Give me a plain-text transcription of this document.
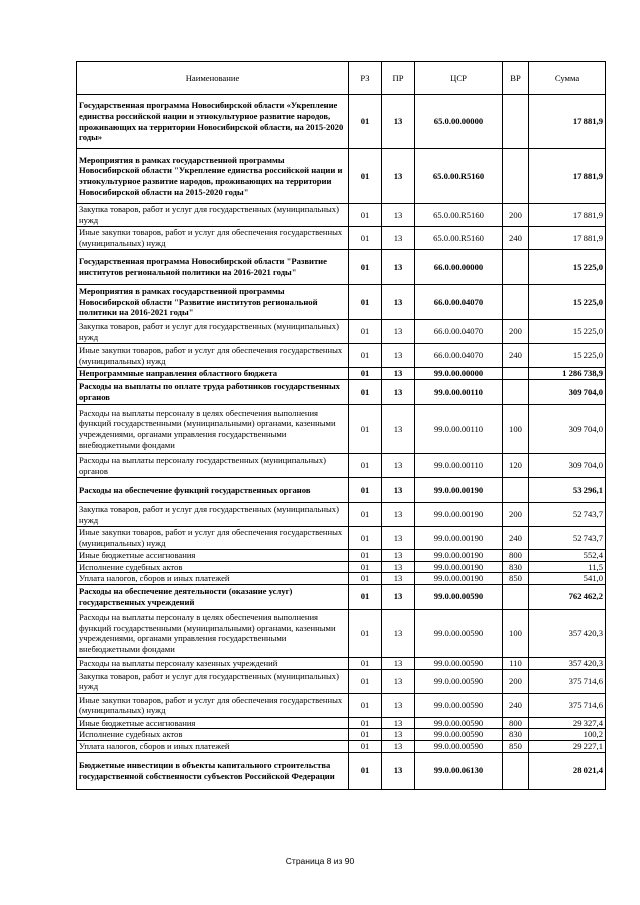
Наименование	РЗ	ПР	ЦСР	ВР	Сумма
Государственная программа Новосибирской области «Укрепление единства российской нации и этнокультурное развитие народов, проживающих на территории Новосибирской области, на 2015-2020 годы»	01	13	65.0.00.00000		17 881,9
Мероприятия в рамках государственной программы Новосибирской области "Укрепление единства российской нации и этнокультурное развитие народов, проживающих на территории Новосибирской области на 2015-2020 годы"	01	13	65.0.00.R5160		17 881,9
Закупка товаров, работ и услуг для государственных (муниципальных) нужд	01	13	65.0.00.R5160	200	17 881,9
Иные закупки товаров, работ и услуг для обеспечения государственных (муниципальных) нужд	01	13	65.0.00.R5160	240	17 881,9
Государственная программа Новосибирской области "Развитие институтов региональной политики на 2016-2021 годы"	01	13	66.0.00.00000		15 225,0
Мероприятия в рамках государственной программы Новосибирской области "Развитие институтов региональной политики на 2016-2021 годы"	01	13	66.0.00.04070		15 225,0
Закупка товаров, работ и услуг для государственных (муниципальных) нужд	01	13	66.0.00.04070	200	15 225,0
Иные закупки товаров, работ и услуг для обеспечения государственных (муниципальных) нужд	01	13	66.0.00.04070	240	15 225,0
Непрограммные направления областного бюджета	01	13	99.0.00.00000		1 286 738,9
Расходы на выплаты по оплате труда работников государственных органов	01	13	99.0.00.00110		309 704,0
Расходы на выплаты персоналу в целях обеспечения выполнения функций государственными (муниципальными) органами, казенными учреждениями, органами управления государственными внебюджетными фондами	01	13	99.0.00.00110	100	309 704,0
Расходы на выплаты персоналу государственных (муниципальных) органов	01	13	99.0.00.00110	120	309 704,0
Расходы на обеспечение функций государственных органов	01	13	99.0.00.00190		53 296,1
Закупка товаров, работ и услуг для государственных (муниципальных) нужд	01	13	99.0.00.00190	200	52 743,7
Иные закупки товаров, работ и услуг для обеспечения государственных (муниципальных) нужд	01	13	99.0.00.00190	240	52 743,7
Иные бюджетные ассигнования	01	13	99.0.00.00190	800	552,4
Исполнение судебных актов	01	13	99.0.00.00190	830	11,5
Уплата налогов, сборов и иных платежей	01	13	99.0.00.00190	850	541,0
Расходы на обеспечение деятельности (оказание услуг) государственных учреждений	01	13	99.0.00.00590		762 462,2
Расходы на выплаты персоналу в целях обеспечения выполнения функций государственными (муниципальными) органами, казенными учреждениями, органами управления государственными внебюджетными фондами	01	13	99.0.00.00590	100	357 420,3
Расходы на выплаты персоналу казенных учреждений	01	13	99.0.00.00590	110	357 420,3
Закупка товаров, работ и услуг для государственных (муниципальных) нужд	01	13	99.0.00.00590	200	375 714,6
Иные закупки товаров, работ и услуг для обеспечения государственных (муниципальных) нужд	01	13	99.0.00.00590	240	375 714,6
Иные бюджетные ассигнования	01	13	99.0.00.00590	800	29 327,4
Исполнение судебных актов	01	13	99.0.00.00590	830	100,2
Уплата налогов, сборов и иных платежей	01	13	99.0.00.00590	850	29 227,1
Бюджетные инвестиции в объекты капитального строительства государственной собственности субъектов Российской Федерации	01	13	99.0.00.06130		28 021,4
Страница 8 из 90
